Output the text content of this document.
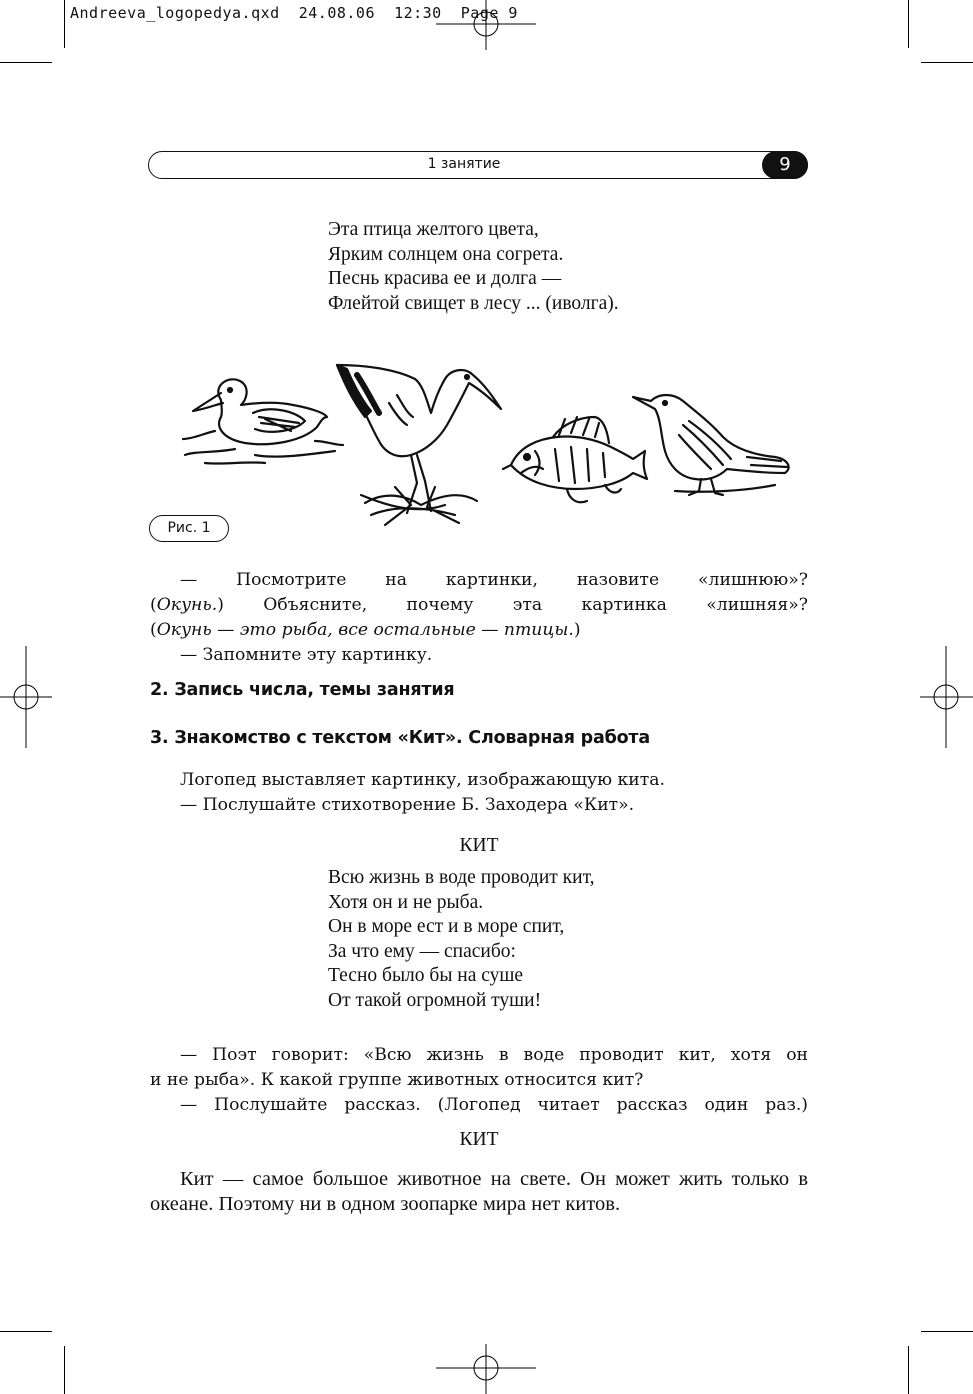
Andreeva_logopedya.qxd 24.08.06 12:30 Page 9
1 занятие	9
Эта птица желтого цвета,
Ярким солнцем она согрета.
Песнь красива ее и долга —
Флейтой свищет в лесу ... (иволга).
Рис. 1

— Посмотрите на картинки, назовите «лишнюю»?

(Окунь.) Объясните, почему эта картинка «лишняя»?

(Окунь — это рыба, все остальные — птицы.)

— Запомните эту картинку.

2. Запись числа, темы занятия
3. Знакомство с текстом «Кит». Словарная работа

Логопед выставляет картинку, изображающую кита.

— Послушайте стихотворение Б. Заходера «Кит».

КИТ
Всю жизнь в воде проводит кит,
Хотя он и не рыба.
Он в море ест и в море спит,
За что ему — спасибо:
Тесно было бы на суше
От такой огромной туши!

— Поэт говорит: «Всю жизнь в воде проводит кит, хотя он

и не рыба». К какой группе животных относится кит?

— Послушайте рассказ. (Логопед читает рассказ один раз.)

КИТ

Кит — самое большое животное на свете. Он может жить только в океане. Поэтому ни в одном зоопарке мира нет китов.
